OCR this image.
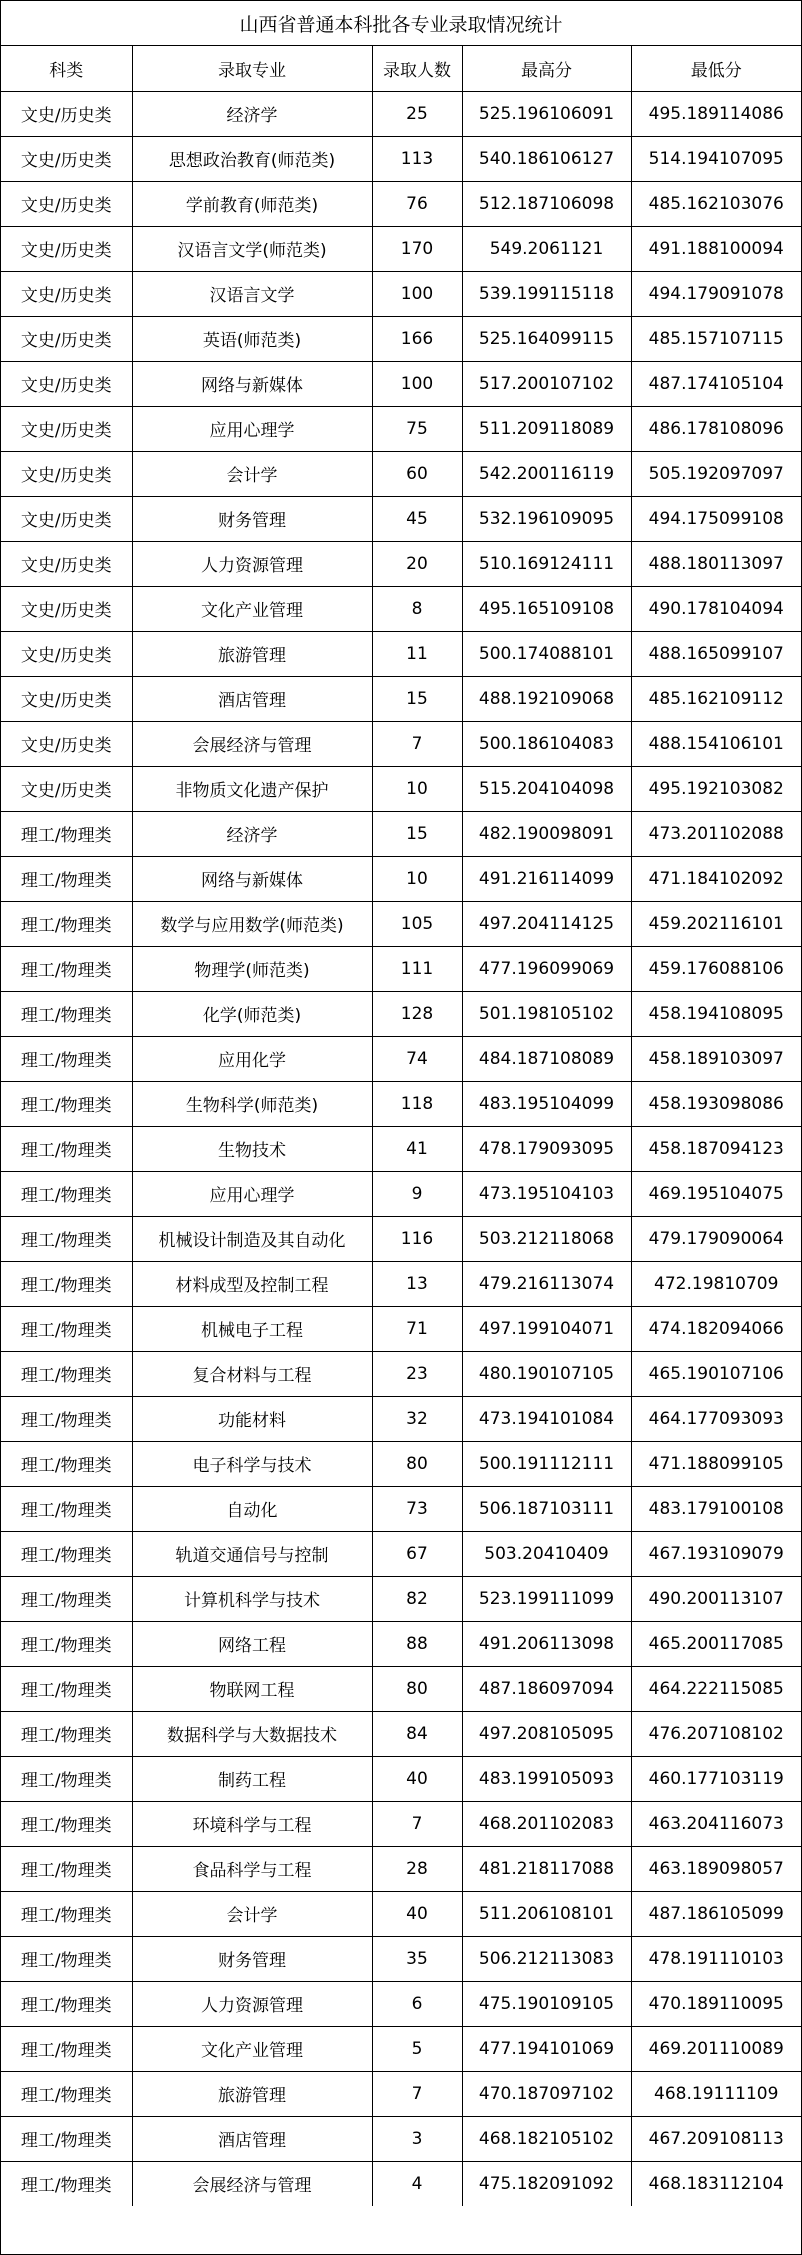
山西省普通本科批各专业录取情况统计
科类	录取专业	录取人数	最高分	最低分
文史/历史类	经济学	25	525.196106091	495.189114086
文史/历史类	思想政治教育(师范类)	113	540.186106127	514.194107095
文史/历史类	学前教育(师范类)	76	512.187106098	485.162103076
文史/历史类	汉语言文学(师范类)	170	549.2061121	491.188100094
文史/历史类	汉语言文学	100	539.199115118	494.179091078
文史/历史类	英语(师范类)	166	525.164099115	485.157107115
文史/历史类	网络与新媒体	100	517.200107102	487.174105104
文史/历史类	应用心理学	75	511.209118089	486.178108096
文史/历史类	会计学	60	542.200116119	505.192097097
文史/历史类	财务管理	45	532.196109095	494.175099108
文史/历史类	人力资源管理	20	510.169124111	488.180113097
文史/历史类	文化产业管理	8	495.165109108	490.178104094
文史/历史类	旅游管理	11	500.174088101	488.165099107
文史/历史类	酒店管理	15	488.192109068	485.162109112
文史/历史类	会展经济与管理	7	500.186104083	488.154106101
文史/历史类	非物质文化遗产保护	10	515.204104098	495.192103082
理工/物理类	经济学	15	482.190098091	473.201102088
理工/物理类	网络与新媒体	10	491.216114099	471.184102092
理工/物理类	数学与应用数学(师范类)	105	497.204114125	459.202116101
理工/物理类	物理学(师范类)	111	477.196099069	459.176088106
理工/物理类	化学(师范类)	128	501.198105102	458.194108095
理工/物理类	应用化学	74	484.187108089	458.189103097
理工/物理类	生物科学(师范类)	118	483.195104099	458.193098086
理工/物理类	生物技术	41	478.179093095	458.187094123
理工/物理类	应用心理学	9	473.195104103	469.195104075
理工/物理类	机械设计制造及其自动化	116	503.212118068	479.179090064
理工/物理类	材料成型及控制工程	13	479.216113074	472.19810709
理工/物理类	机械电子工程	71	497.199104071	474.182094066
理工/物理类	复合材料与工程	23	480.190107105	465.190107106
理工/物理类	功能材料	32	473.194101084	464.177093093
理工/物理类	电子科学与技术	80	500.191112111	471.188099105
理工/物理类	自动化	73	506.187103111	483.179100108
理工/物理类	轨道交通信号与控制	67	503.20410409	467.193109079
理工/物理类	计算机科学与技术	82	523.199111099	490.200113107
理工/物理类	网络工程	88	491.206113098	465.200117085
理工/物理类	物联网工程	80	487.186097094	464.222115085
理工/物理类	数据科学与大数据技术	84	497.208105095	476.207108102
理工/物理类	制药工程	40	483.199105093	460.177103119
理工/物理类	环境科学与工程	7	468.201102083	463.204116073
理工/物理类	食品科学与工程	28	481.218117088	463.189098057
理工/物理类	会计学	40	511.206108101	487.186105099
理工/物理类	财务管理	35	506.212113083	478.191110103
理工/物理类	人力资源管理	6	475.190109105	470.189110095
理工/物理类	文化产业管理	5	477.194101069	469.201110089
理工/物理类	旅游管理	7	470.187097102	468.19111109
理工/物理类	酒店管理	3	468.182105102	467.209108113
理工/物理类	会展经济与管理	4	475.182091092	468.183112104
